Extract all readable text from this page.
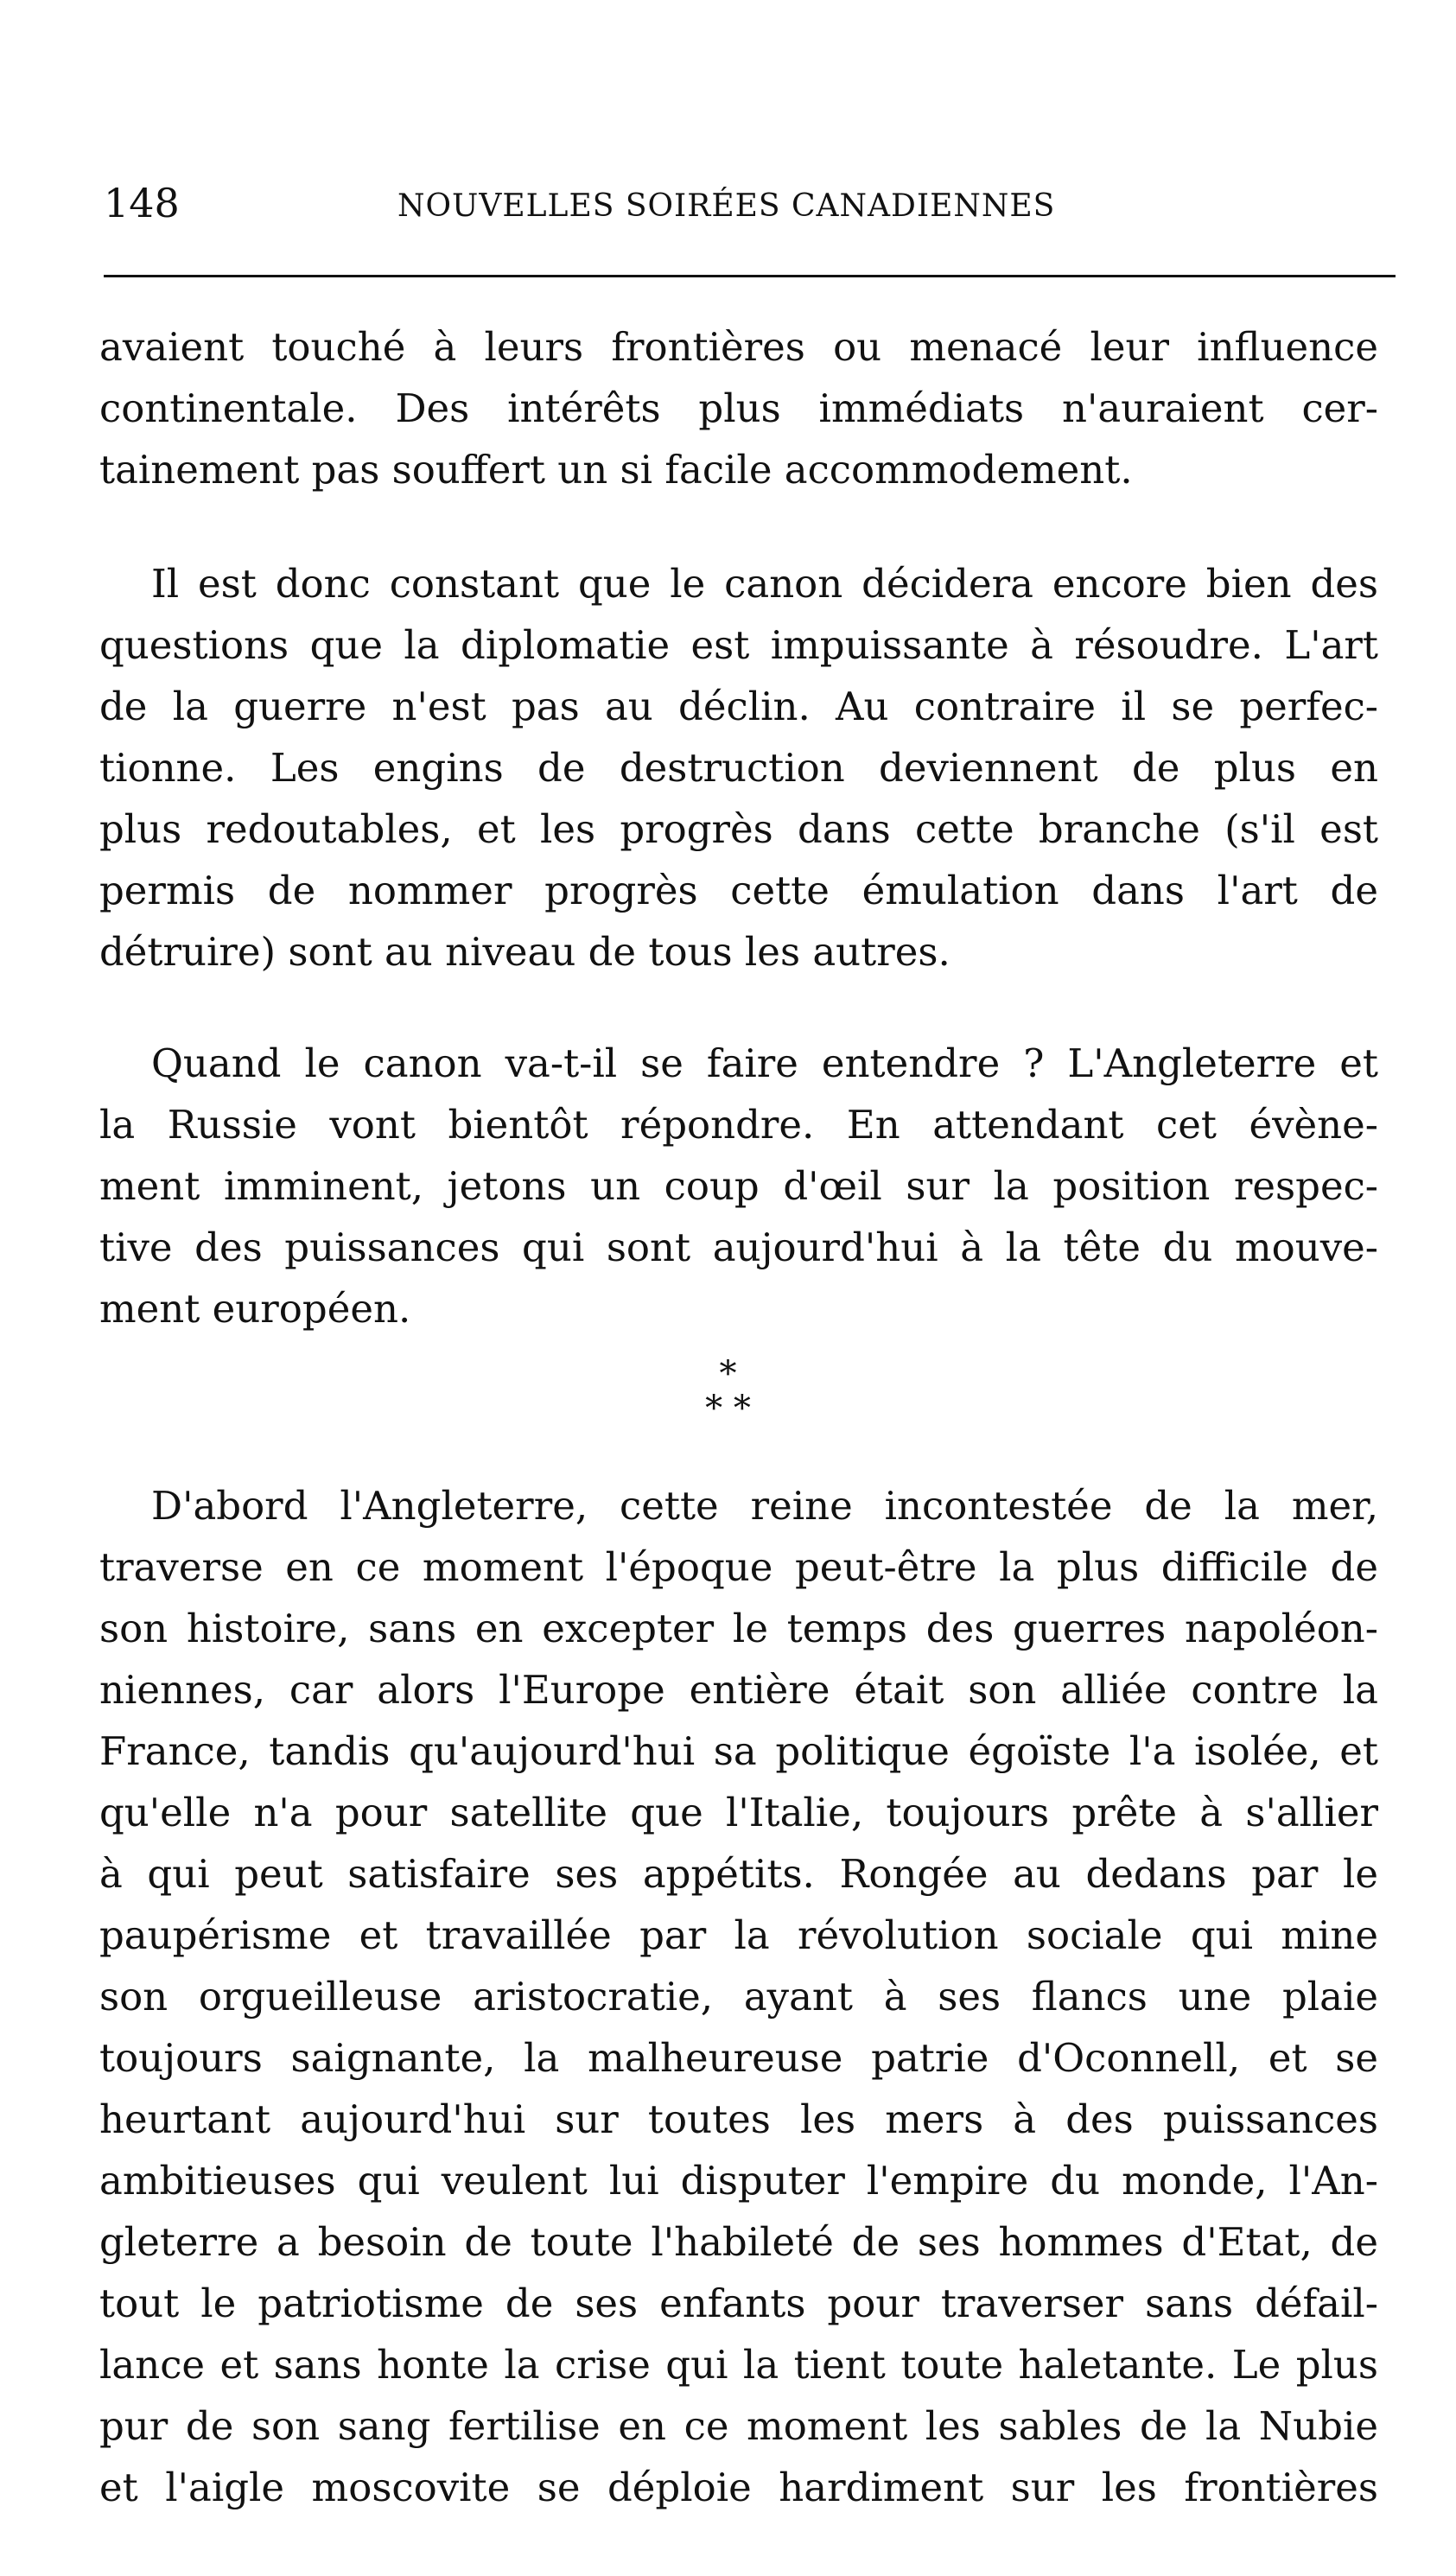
148	NOUVELLES SOIRÉES CANADIENNES
avaient touché à leurs frontières ou menacé leur influence
continentale. Des intérêts plus immédiats n'auraient cer-
tainement pas souffert un si facile accommodement.
Il est donc constant que le canon décidera encore bien des
questions que la diplomatie est impuissante à résoudre. L'art
de la guerre n'est pas au déclin. Au contraire il se perfec-
tionne. Les engins de destruction deviennent de plus en
plus redoutables, et les progrès dans cette branche (s'il est
permis de nommer progrès cette émulation dans l'art de
détruire) sont au niveau de tous les autres.
Quand le canon va-t-il se faire entendre ? L'Angleterre et
la Russie vont bientôt répondre. En attendant cet évène-
ment imminent, jetons un coup d'œil sur la position respec-
tive des puissances qui sont aujourd'hui à la tête du mouve-
ment européen.
*
* *
D'abord l'Angleterre, cette reine incontestée de la mer,
traverse en ce moment l'époque peut-être la plus difficile de
son histoire, sans en excepter le temps des guerres napoléon-
niennes, car alors l'Europe entière était son alliée contre la
France, tandis qu'aujourd'hui sa politique égoïste l'a isolée, et
qu'elle n'a pour satellite que l'Italie, toujours prête à s'allier
à qui peut satisfaire ses appétits. Rongée au dedans par le
paupérisme et travaillée par la révolution sociale qui mine
son orgueilleuse aristocratie, ayant à ses flancs une plaie
toujours saignante, la malheureuse patrie d'Oconnell, et se
heurtant aujourd'hui sur toutes les mers à des puissances
ambitieuses qui veulent lui disputer l'empire du monde, l'An-
gleterre a besoin de toute l'habileté de ses hommes d'Etat, de
tout le patriotisme de ses enfants pour traverser sans défail-
lance et sans honte la crise qui la tient toute haletante. Le plus
pur de son sang fertilise en ce moment les sables de la Nubie
et l'aigle moscovite se déploie hardiment sur les frontières
